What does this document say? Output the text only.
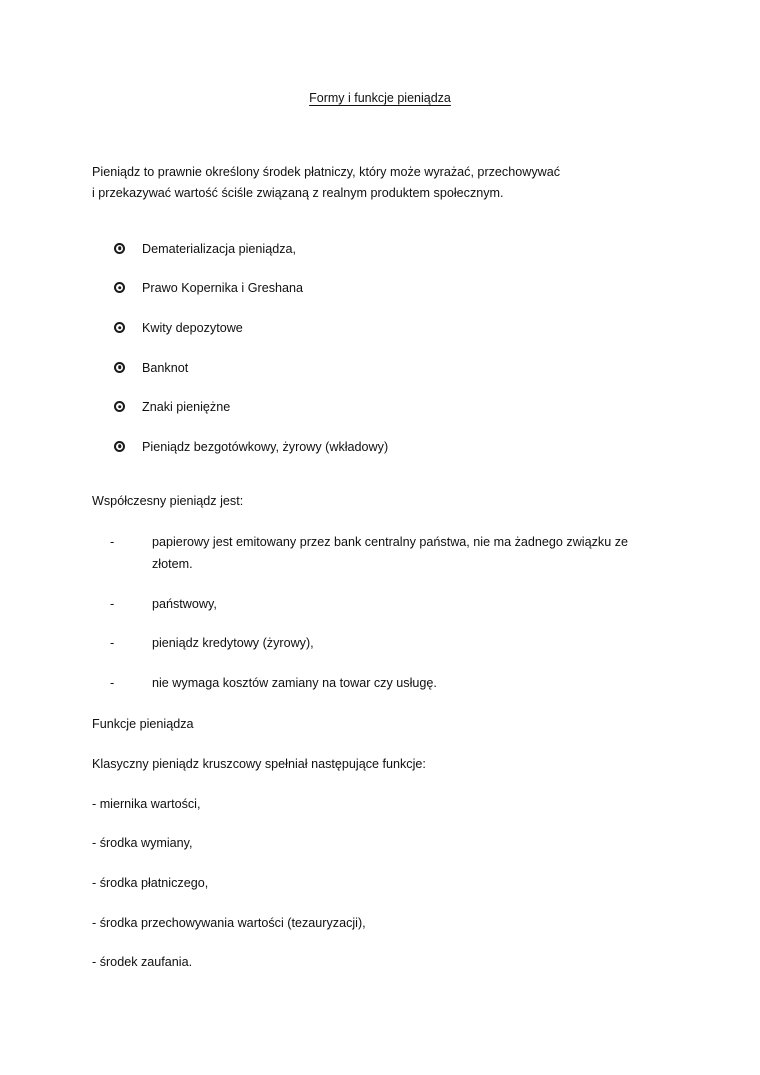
Formy i funkcje pieniądza

Pieniądz to prawnie określony środek płatniczy, który może wyrażać, przechowywać

i przekazywać wartość ściśle związaną z realnym produktem społecznym.

Dematerializacja pieniądza,
Prawo Kopernika i Greshana
Kwity depozytowe
Banknot
Znaki pieniężne
Pieniądz bezgotówkowy, żyrowy (wkładowy)
Współczesny pieniądz jest:
-	papierowy jest emitowany przez bank centralny państwa, nie ma żadnego związku ze złotem.
-	państwowy,
-	pieniądz kredytowy (żyrowy),
-	nie wymaga kosztów zamiany na towar czy usługę.
Funkcje pieniądza
Klasyczny pieniądz kruszcowy spełniał następujące funkcje:
- miernika wartości,
- środka wymiany,
- środka płatniczego,
- środka przechowywania wartości (tezauryzacji),
- środek zaufania.
